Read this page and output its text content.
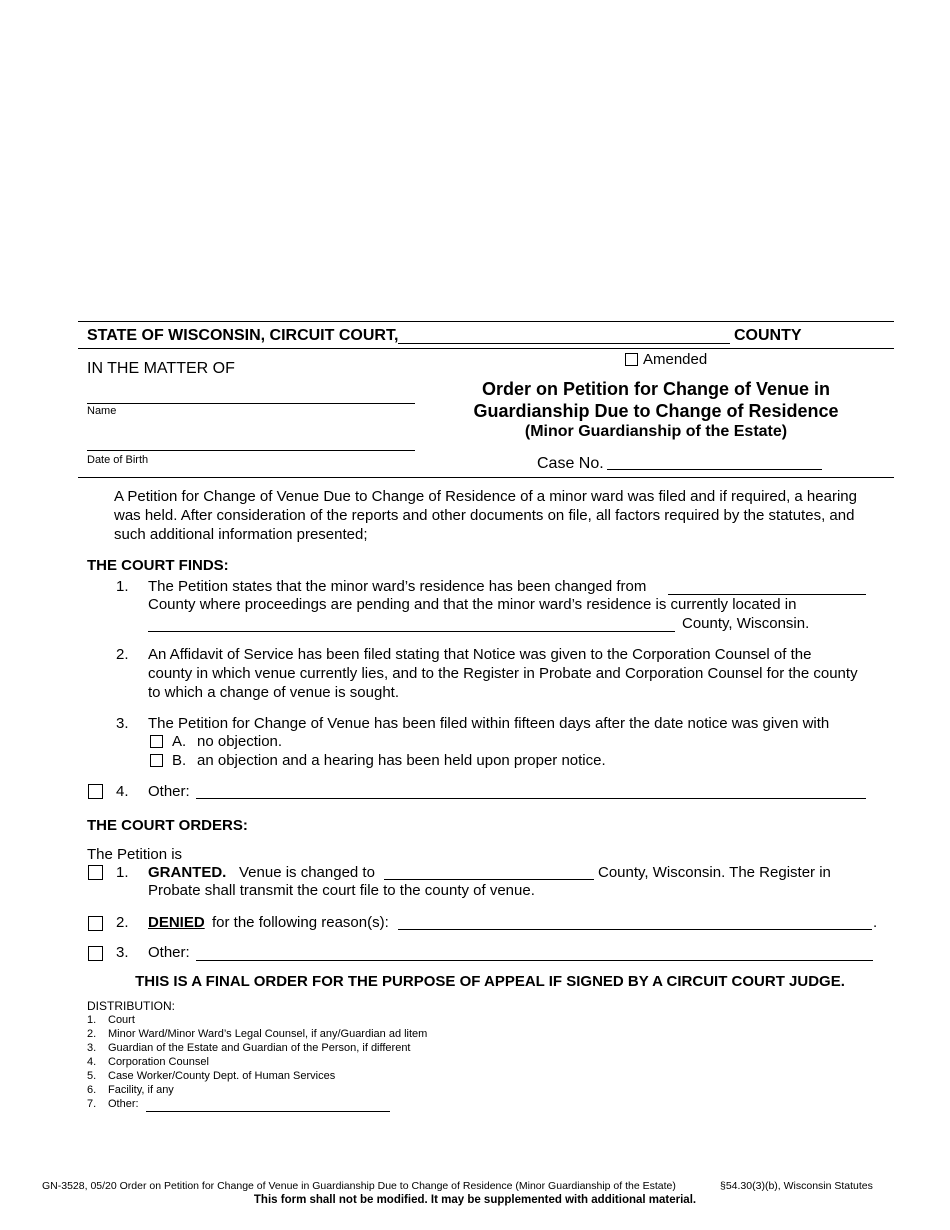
STATE OF WISCONSIN, CIRCUIT COURT,	COUNTY
Amended
IN THE MATTER OF
Name
Date of Birth
Order on Petition for Change of Venue in
Guardianship Due to Change of Residence
(Minor Guardianship of the Estate)
Case No.
A Petition for Change of Venue Due to Change of Residence of a minor ward was filed and if required, a hearing
was held. After consideration of the reports and other documents on file, all factors required by the statutes, and
such additional information presented;
THE COURT FINDS:
1. The Petition states that the minor ward’s residence has been changed from
County where proceedings are pending and that the minor ward’s residence is currently located in
County, Wisconsin.
2. An Affidavit of Service has been filed stating that Notice was given to the Corporation Counsel of the
county in which venue currently lies, and to the Register in Probate and Corporation Counsel for the county
to which a change of venue is sought.
3. The Petition for Change of Venue has been filed within fifteen days after the date notice was given with
A. no objection.
B. an objection and a hearing has been held upon proper notice.
4. Other:
THE COURT ORDERS:
The Petition is
1. GRANTED. Venue is changed to	County, Wisconsin. The Register in
Probate shall transmit the court file to the county of venue.
2. DENIED for the following reason(s):	.
3. Other:
THIS IS A FINAL ORDER FOR THE PURPOSE OF APPEAL IF SIGNED BY A CIRCUIT COURT JUDGE.
DISTRIBUTION:
1. Court
2. Minor Ward/Minor Ward’s Legal Counsel, if any/Guardian ad litem
3. Guardian of the Estate and Guardian of the Person, if different
4. Corporation Counsel
5. Case Worker/County Dept. of Human Services
6. Facility, if any
7. Other:
GN-3528, 05/20 Order on Petition for Change of Venue in Guardianship Due to Change of Residence (Minor Guardianship of the Estate)	§54.30(3)(b), Wisconsin Statutes
This form shall not be modified. It may be supplemented with additional material.
